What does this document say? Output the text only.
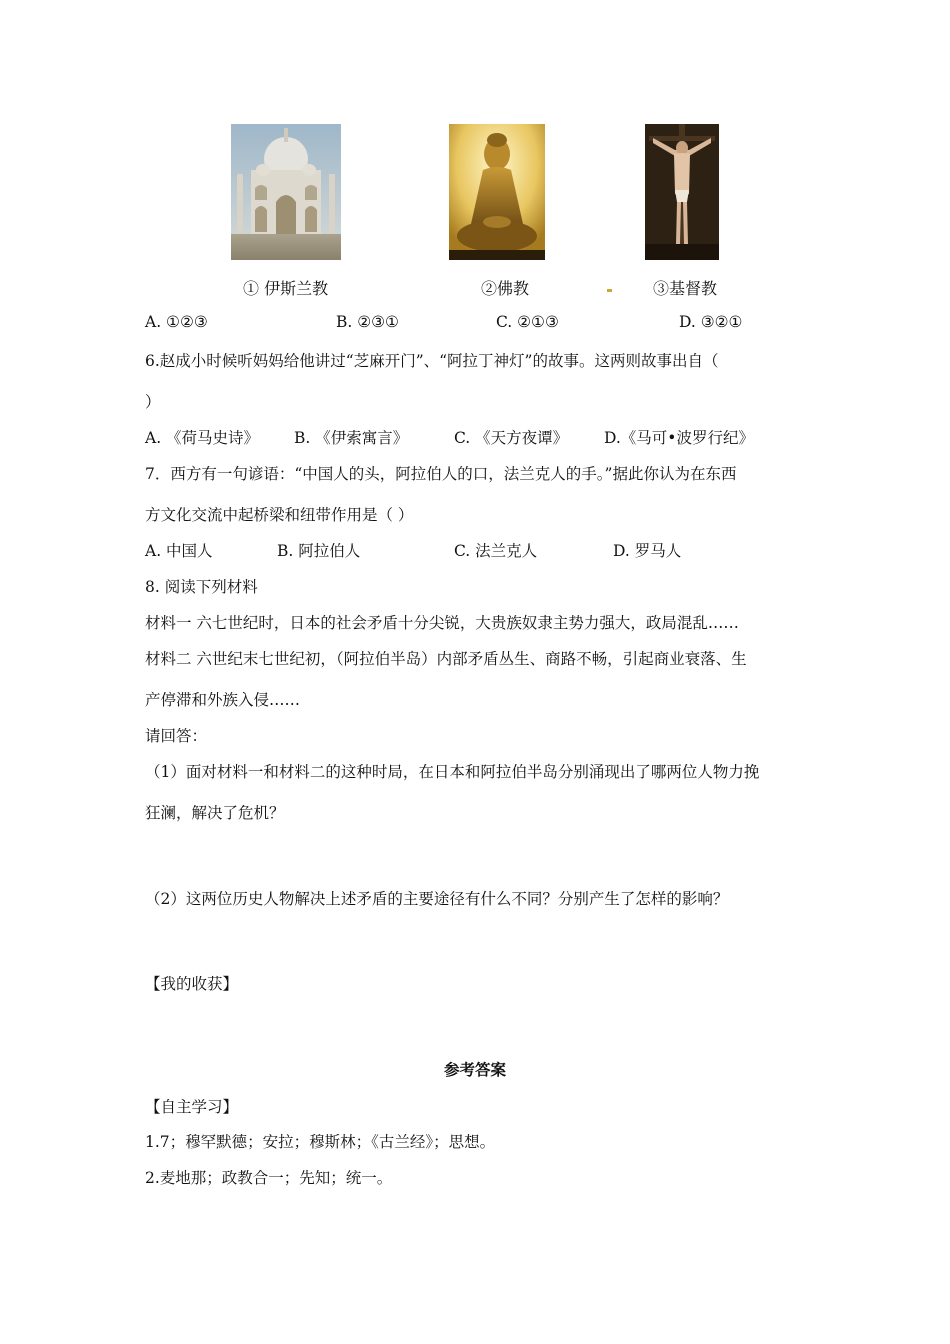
① 伊斯兰教	②佛教	③基督教
A. ①②③	B. ②③①	C. ②①③	D. ③②①
6.赵成小时候听妈妈给他讲过“芝麻开门”、“阿拉丁神灯”的故事。这两则故事出自（
）
A. 《荷马史诗》 B. 《伊索寓言》	C. 《天方夜谭》 D.《马可•波罗行纪》
7．西方有一句谚语：“中国人的头，阿拉伯人的口，法兰克人的手。”据此你认为在东西
方文化交流中起桥梁和纽带作用是（ ）
A. 中国人	B. 阿拉伯人	C. 法兰克人	D. 罗马人
8. 阅读下列材料
材料一 六七世纪时，日本的社会矛盾十分尖锐，大贵族奴隶主势力强大，政局混乱……
材料二 六世纪末七世纪初，（阿拉伯半岛）内部矛盾丛生、商路不畅，引起商业衰落、生
产停滞和外族入侵……
请回答：
（1）面对材料一和材料二的这种时局，在日本和阿拉伯半岛分别涌现出了哪两位人物力挽
狂澜，解决了危机？
（2）这两位历史人物解决上述矛盾的主要途径有什么不同？分别产生了怎样的影响？
【我的收获】
参考答案
【自主学习】
1.7；穆罕默德；安拉；穆斯林；《古兰经》；思想。
2.麦地那；政教合一；先知；统一。
